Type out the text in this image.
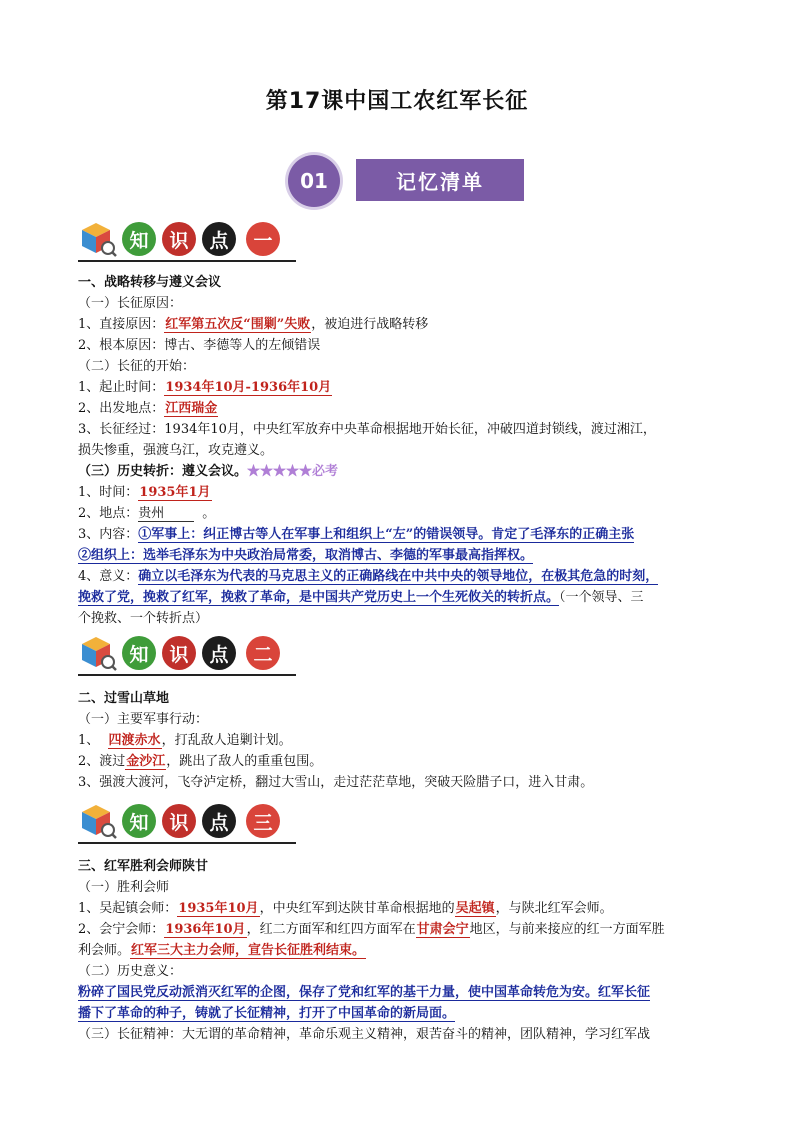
第17课中国工农红军长征
01	记忆清单
知	识	点	一
一、战略转移与遵义会议
（一）长征原因：
1、直接原因：红军第五次反“围剿”失败，被迫进行战略转移
2、根本原因：博古、李德等人的左倾错误
（二）长征的开始：
1、起止时间：1934年10月-1936年10月
2、出发地点：江西瑞金
3、长征经过：1934年10月，中央红军放弃中央革命根据地开始长征，冲破四道封锁线，渡过湘江，
损失惨重，强渡乌江，攻克遵义。
（三）历史转折：遵义会议。★★★★★必考
1、时间：1935年1月
2、地点：贵州	。
3、内容：①军事上：纠正博古等人在军事上和组织上“左”的错误领导。肯定了毛泽东的正确主张
②组织上：选举毛泽东为中央政治局常委，取消博古、李德的军事最高指挥权。
4、意义：确立以毛泽东为代表的马克思主义的正确路线在中共中央的领导地位，在极其危急的时刻，
挽救了党，挽救了红军，挽救了革命，是中国共产党历史上一个生死攸关的转折点。（一个领导、三
个挽救、一个转折点）
知	识	点	二
二、过雪山草地
（一）主要军事行动：
1、 四渡赤水，打乱敌人追剿计划。
2、渡过金沙江，跳出了敌人的重重包围。
3、强渡大渡河，飞夺泸定桥，翻过大雪山，走过茫茫草地，突破天险腊子口，进入甘肃。
知	识	点	三
三、红军胜利会师陕甘
（一）胜利会师
1、吴起镇会师：1935年10月，中央红军到达陕甘革命根据地的吴起镇，与陕北红军会师。
2、会宁会师：1936年10月，红二方面军和红四方面军在甘肃会宁地区，与前来接应的红一方面军胜
利会师。红军三大主力会师，宣告长征胜利结束。
（二）历史意义：
粉碎了国民党反动派消灭红军的企图，保存了党和红军的基干力量，使中国革命转危为安。红军长征
播下了革命的种子，铸就了长征精神，打开了中国革命的新局面。
（三）长征精神：大无谓的革命精神，革命乐观主义精神，艰苦奋斗的精神，团队精神，学习红军战
